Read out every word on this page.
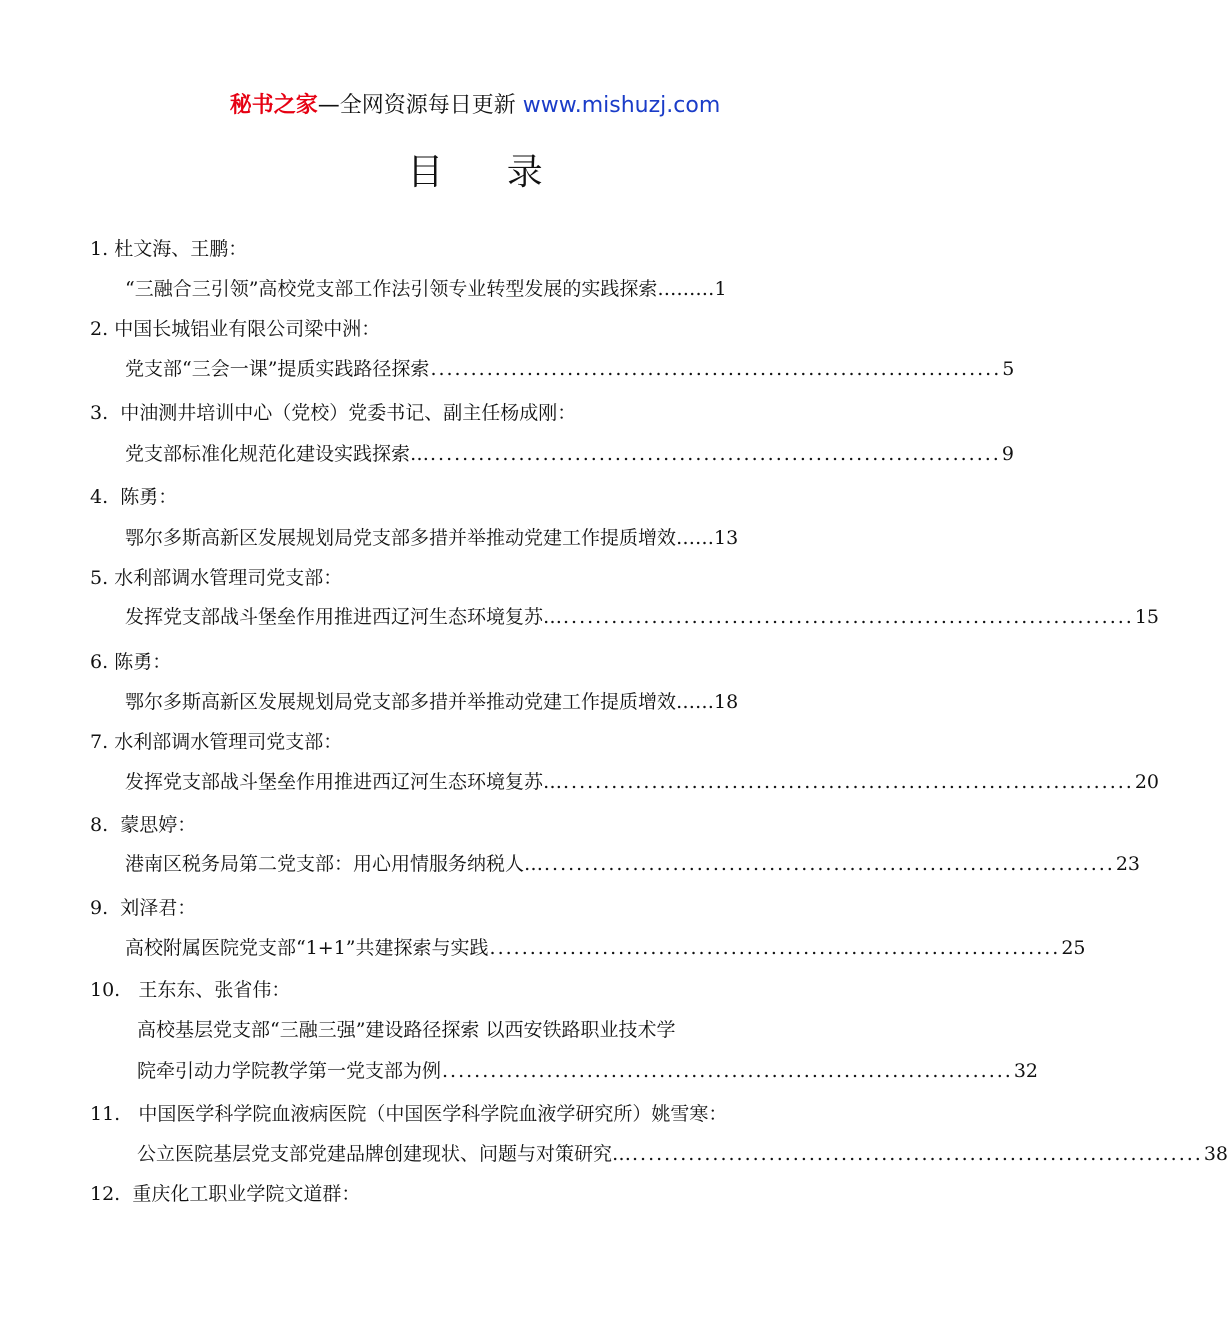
秘书之家—全网资源每日更新 www.mishuzj.com
目 录
1. 杜文海、王鹏：
“三融合三引领”高校党支部工作法引领专业转型发展的实践探索………1
2. 中国长城铝业有限公司梁中洲：
党支部“三会一课”提质实践路径探索 ....................................................................... 5
3. 中油测井培训中心（党校）党委书记、副主任杨成刚：
党支部标准化规范化建设实践探索… ....................................................................... 9
4. 陈勇：
鄂尔多斯高新区发展规划局党支部多措并举推动党建工作提质增效……13
5. 水利部调水管理司党支部：
发挥党支部战斗堡垒作用推进西辽河生态环境复苏… ....................................................................... 15
6. 陈勇：
鄂尔多斯高新区发展规划局党支部多措并举推动党建工作提质增效……18
7. 水利部调水管理司党支部：
发挥党支部战斗堡垒作用推进西辽河生态环境复苏… ....................................................................... 20
8. 蒙思婷：
港南区税务局第二党支部：用心用情服务纳税人… ....................................................................... 23
9. 刘泽君：
高校附属医院党支部“1+1”共建探索与实践 ....................................................................... 25
10. 王东东、张省伟：
高校基层党支部“三融三强”建设路径探索 以西安铁路职业技术学
院牵引动力学院教学第一党支部为例 ....................................................................... 32
11. 中国医学科学院血液病医院（中国医学科学院血液学研究所）姚雪寒：
公立医院基层党支部党建品牌创建现状、问题与对策研究… ....................................................................... 38
12. 重庆化工职业学院文道群：
